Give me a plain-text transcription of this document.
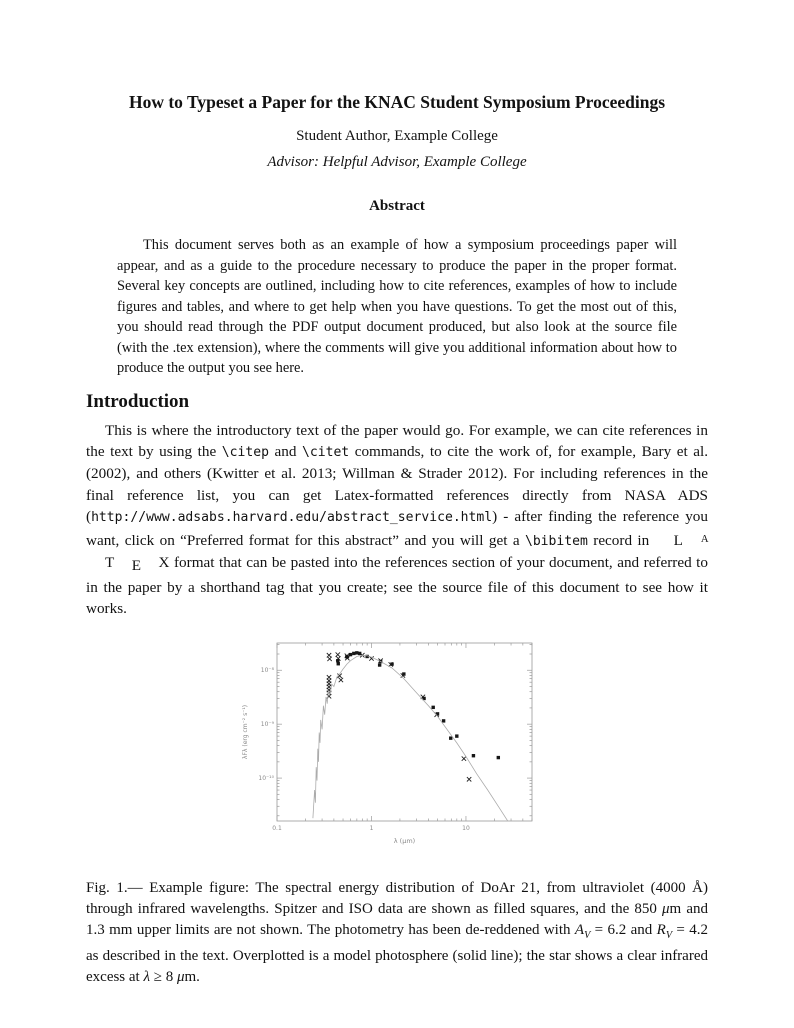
How to Typeset a Paper for the KNAC Student Symposium Proceedings
Student Author, Example College
Advisor: Helpful Advisor, Example College
Abstract
This document serves both as an example of how a symposium proceedings paper will appear, and as a guide to the procedure necessary to produce the paper in the proper format. Several key concepts are outlined, including how to cite references, examples of how to include figures and tables, and where to get help when you have questions. To get the most out of this, you should read through the PDF output document produced, but also look at the source file (with the .tex extension), where the comments will give you additional information about how to produce the output you see here.
Introduction
This is where the introductory text of the paper would go. For example, we can cite references in the text by using the \citep and \citet commands, to cite the work of, for example, Bary et al. (2002), and others (Kwitter et al. 2013; Willman & Strader 2012). For including references in the final reference list, you can get Latex-formatted references directly from NASA ADS (http://www.adsabs.harvard.edu/abstract_service.html) - after finding the reference you want, click on “Preferred format for this abstract” and you will get a \bibitem record in L AT E X format that can be pasted into the references section of your document, and referred to in the paper by a shorthand tag that you create; see the source file of this document to see how it works.
0.1	1	10
10⁻⁸
10⁻⁹
10⁻¹⁰
λ (μm)
λFλ (erg cm⁻² s⁻¹)
Fig. 1.— Example figure: The spectral energy distribution of DoAr 21, from ultraviolet (4000 Å) through infrared wavelengths. Spitzer and ISO data are shown as filled squares, and the 850 μm and 1.3 mm upper limits are not shown. The photometry has been de-reddened with $A_V = 6.2$ and $R_V = 4.2$ as described in the text. Overplotted is a model photosphere (solid line); the star shows a clear infrared excess at λ ≥ 8 μm.
